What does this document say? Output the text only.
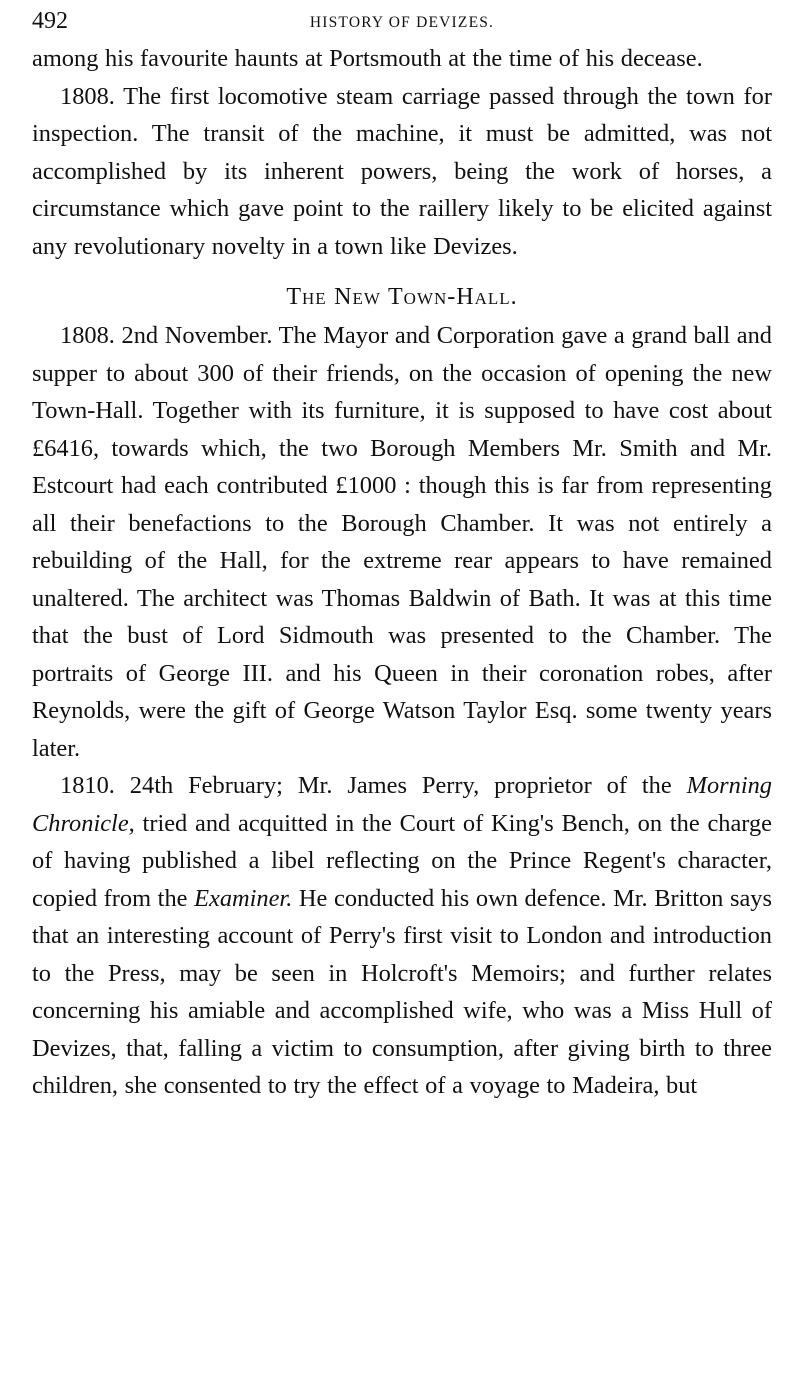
492	HISTORY OF DEVIZES.

among his favourite haunts at Portsmouth at the time of his decease.

1808. The first locomotive steam carriage passed through the town for inspection. The transit of the machine, it must be admitted, was not accomplished by its inherent powers, being the work of horses, a circumstance which gave point to the raillery likely to be elicited against any revolutionary novelty in a town like Devizes.

The New Town-Hall.

1808. 2nd November. The Mayor and Corporation gave a grand ball and supper to about 300 of their friends, on the occasion of opening the new Town-Hall. Together with its furniture, it is supposed to have cost about £6416, towards which, the two Borough Members Mr. Smith and Mr. Estcourt had each contributed £1000 : though this is far from representing all their benefactions to the Borough Chamber. It was not entirely a rebuilding of the Hall, for the extreme rear appears to have remained unaltered. The architect was Thomas Baldwin of Bath. It was at this time that the bust of Lord Sidmouth was presented to the Chamber. The portraits of George III. and his Queen in their coronation robes, after Reynolds, were the gift of George Watson Taylor Esq. some twenty years later.

1810. 24th February; Mr. James Perry, proprietor of the Morning Chronicle, tried and acquitted in the Court of King's Bench, on the charge of having published a libel reflecting on the Prince Regent's character, copied from the Examiner. He conducted his own defence. Mr. Britton says that an interesting account of Perry's first visit to London and introduction to the Press, may be seen in Holcroft's Memoirs; and further relates concerning his amiable and accomplished wife, who was a Miss Hull of Devizes, that, falling a victim to consumption, after giving birth to three children, she consented to try the effect of a voyage to Madeira, but
